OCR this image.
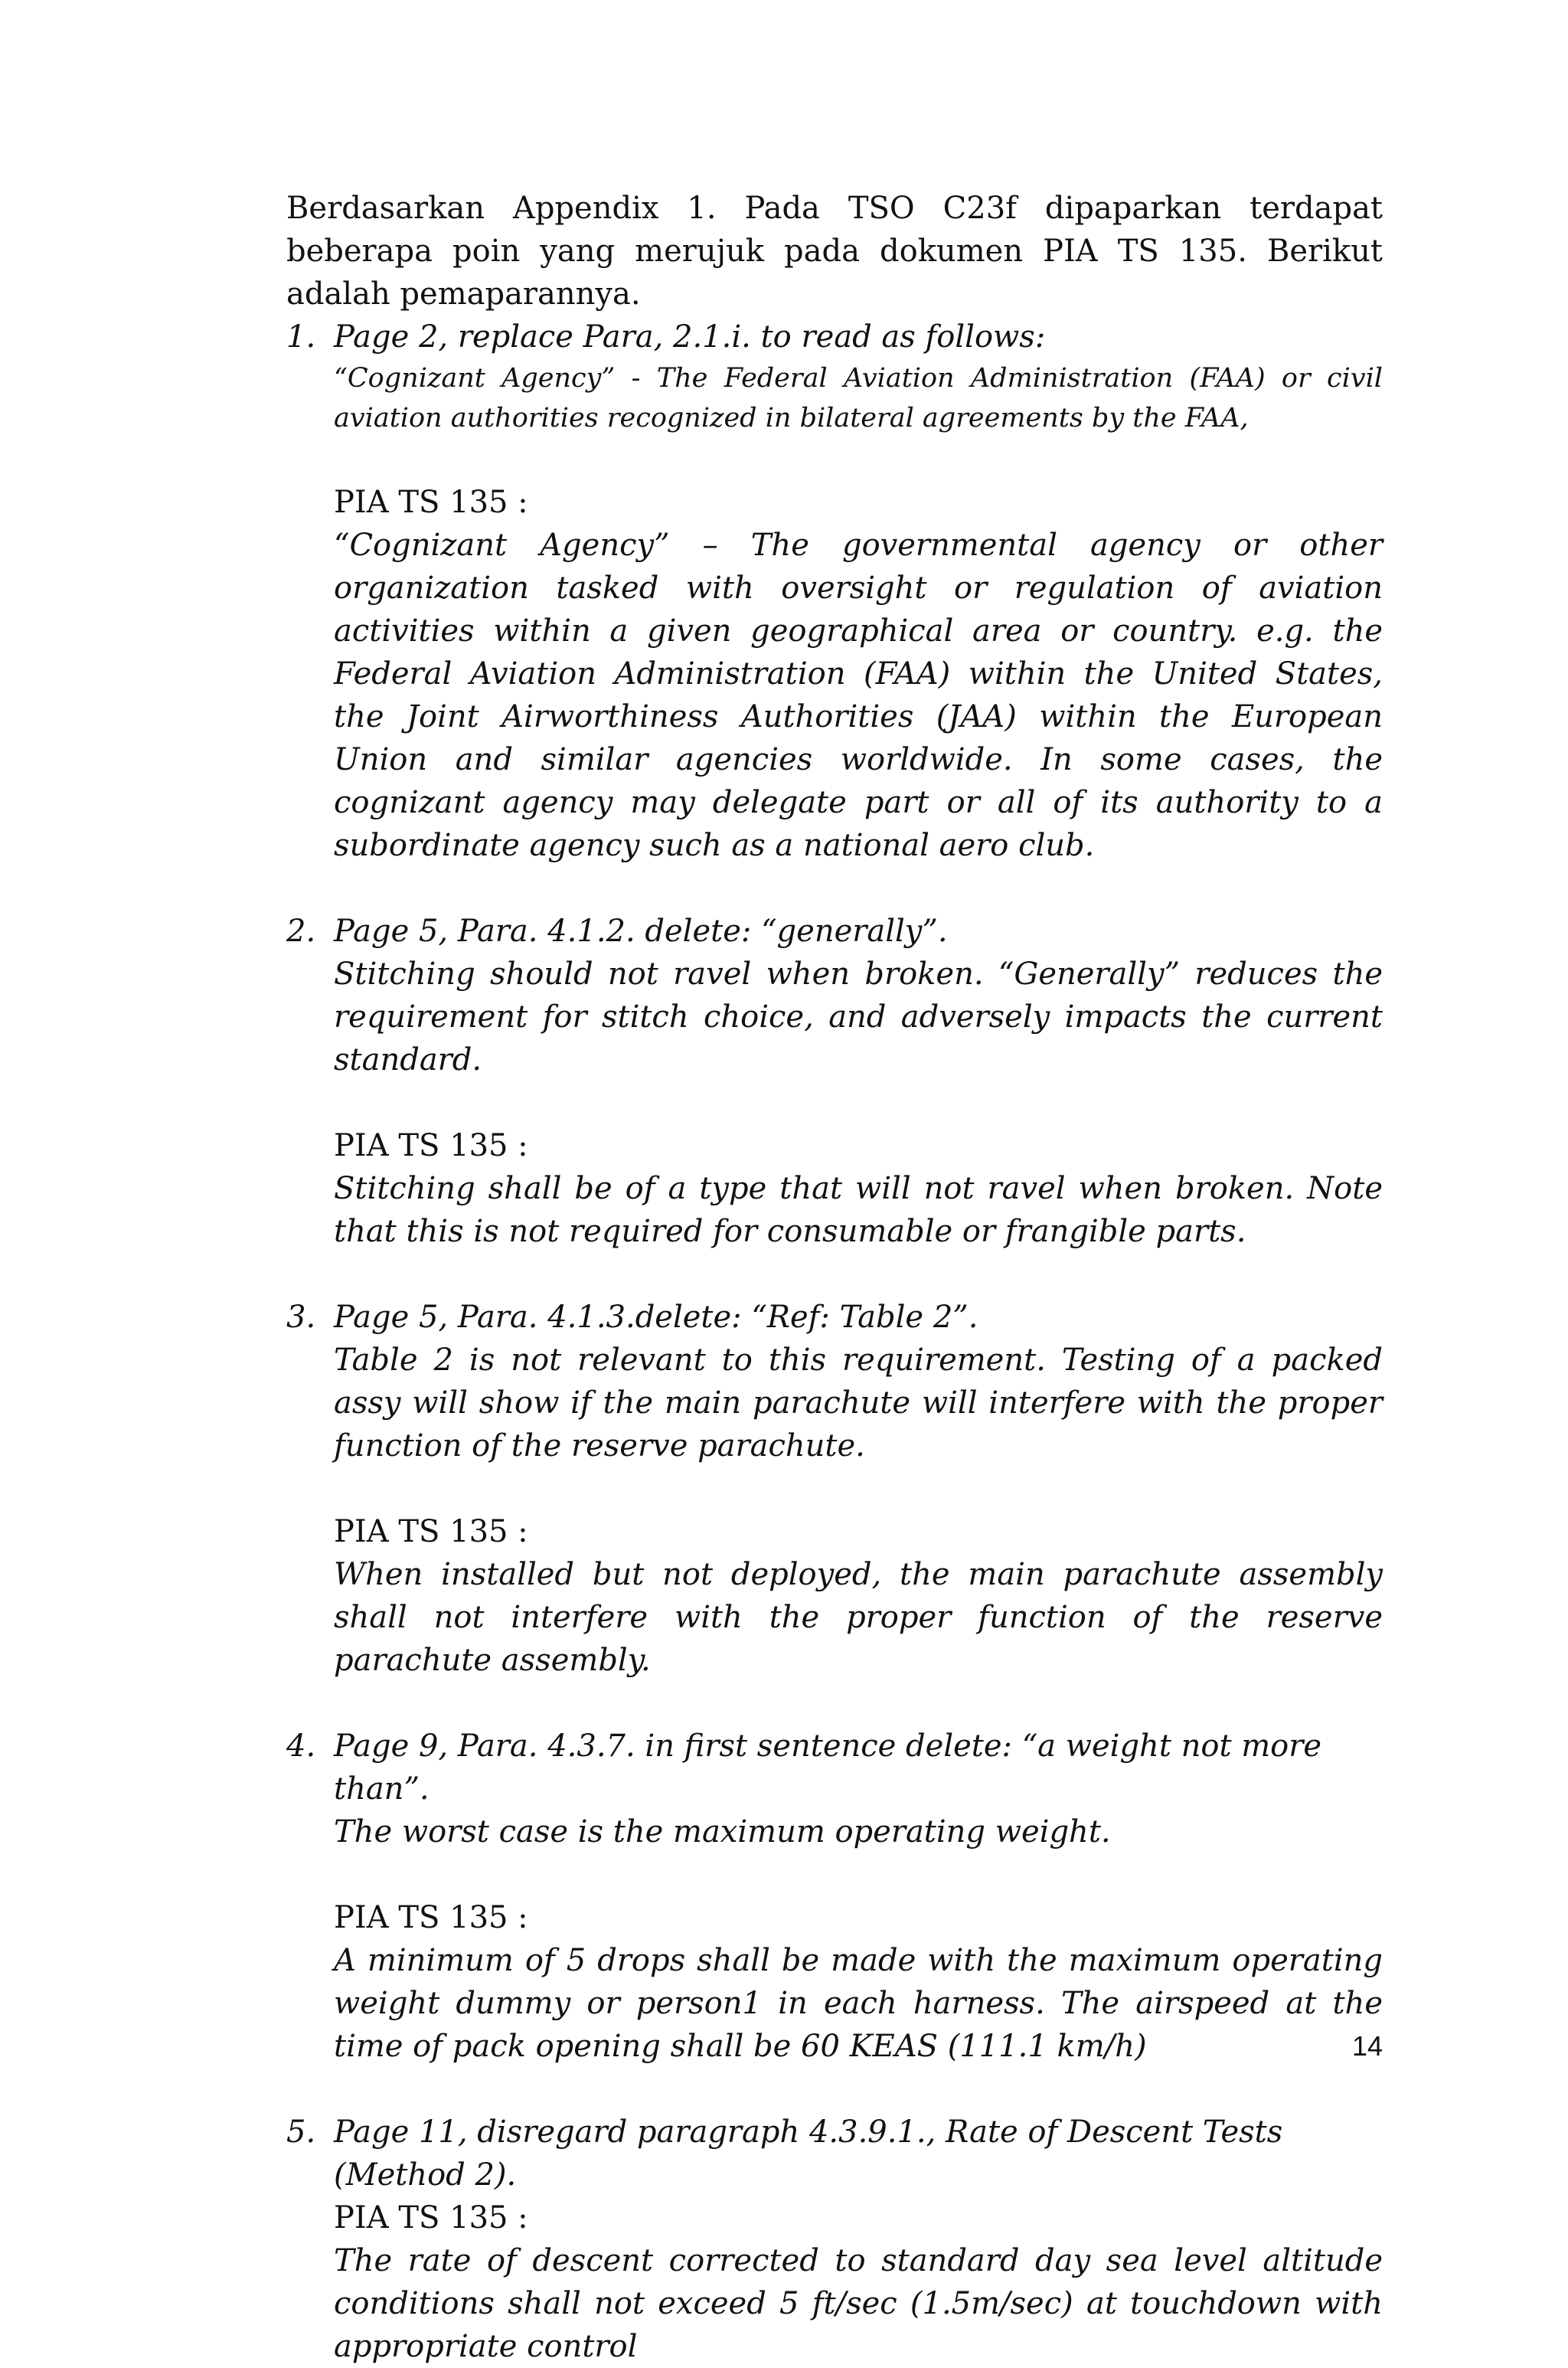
Berdasarkan Appendix 1. Pada TSO C23f dipaparkan terdapat beberapa poin yang merujuk pada dokumen PIA TS 135. Berikut adalah pemaparannya.

1. Page 2, replace Para, 2.1.i. to read as follows:

“Cognizant Agency” - The Federal Aviation Administration (FAA) or civil aviation authorities recognized in bilateral agreements by the FAA,

PIA TS 135 :

“Cognizant Agency” – The governmental agency or other organization tasked with oversight or regulation of aviation activities within a given geographical area or country. e.g. the Federal Aviation Administration (FAA) within the United States, the Joint Airworthiness Authorities (JAA) within the European Union and similar agencies worldwide. In some cases, the cognizant agency may delegate part or all of its authority to a subordinate agency such as a national aero club.

2. Page 5, Para. 4.1.2. delete: “generally”.

Stitching should not ravel when broken. “Generally” reduces the requirement for stitch choice, and adversely impacts the current standard.

PIA TS 135 :

Stitching shall be of a type that will not ravel when broken. Note that this is not required for consumable or frangible parts.

3. Page 5, Para. 4.1.3.delete: “Ref: Table 2”.

Table 2 is not relevant to this requirement. Testing of a packed assy will show if the main parachute will interfere with the proper function of the reserve parachute.

PIA TS 135 :

When installed but not deployed, the main parachute assembly shall not interfere with the proper function of the reserve parachute assembly.

4. Page 9, Para. 4.3.7. in first sentence delete: “a weight not more than”.

The worst case is the maximum operating weight.

PIA TS 135 :

A minimum of 5 drops shall be made with the maximum operating weight dummy or person1 in each harness. The airspeed at the time of pack opening shall be 60 KEAS (111.1 km/h)

5. Page 11, disregard paragraph 4.3.9.1., Rate of Descent Tests (Method 2).

PIA TS 135 :

The rate of descent corrected to standard day sea level altitude conditions shall not exceed 5 ft/sec (1.5m/sec) at touchdown with appropriate control

14
